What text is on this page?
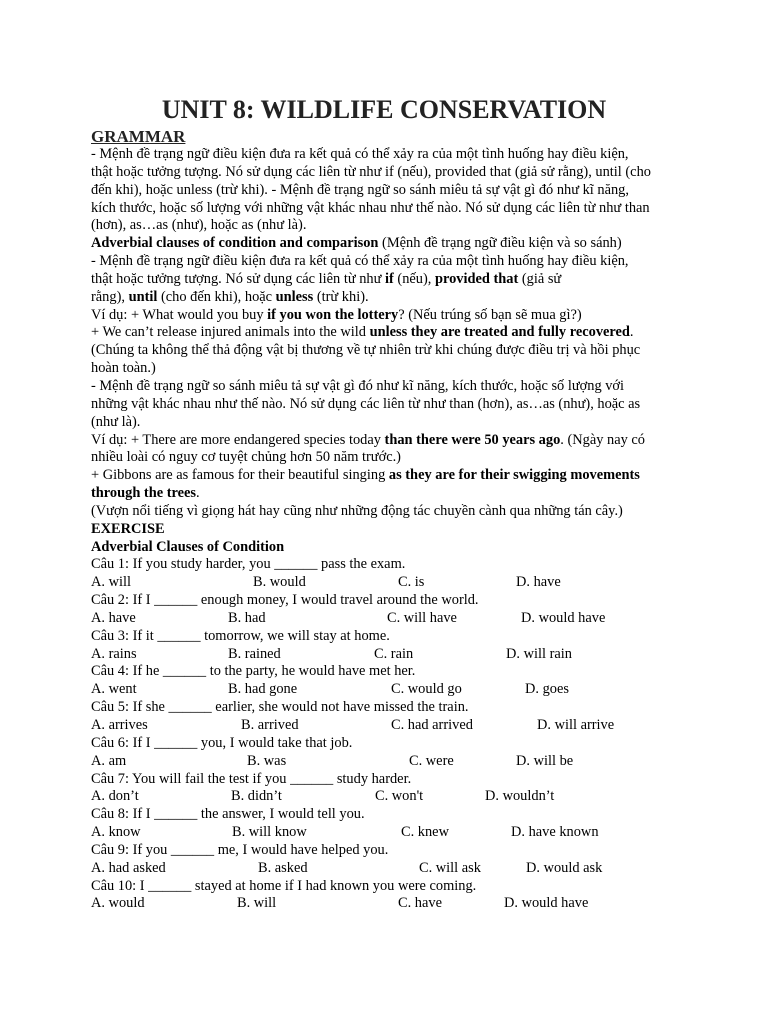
UNIT 8: WILDLIFE CONSERVATION
GRAMMAR
- Mệnh đề trạng ngữ điều kiện đưa ra kết quả có thể xảy ra của một tình huống hay điều kiện,
thật hoặc tưởng tượng. Nó sử dụng các liên từ như if (nếu), provided that (giả sử rằng), until (cho
đến khi), hoặc unless (trừ khi). - Mệnh đề trạng ngữ so sánh miêu tả sự vật gì đó như kĩ năng,
kích thước, hoặc số lượng với những vật khác nhau như thế nào. Nó sử dụng các liên từ như than
(hơn), as…as (như), hoặc as (như là).
Adverbial clauses of condition and comparison (Mệnh đề trạng ngữ điều kiện và so sánh)
- Mệnh đề trạng ngữ điều kiện đưa ra kết quả có thể xảy ra của một tình huống hay điều kiện,
thật hoặc tưởng tượng. Nó sử dụng các liên từ như if (nếu), provided that (giả sử
rằng), until (cho đến khi), hoặc unless (trừ khi).
Ví dụ: + What would you buy if you won the lottery? (Nếu trúng số bạn sẽ mua gì?)
+ We can’t release injured animals into the wild unless they are treated and fully recovered.
(Chúng ta không thể thả động vật bị thương về tự nhiên trừ khi chúng được điều trị và hồi phục
hoàn toàn.)
- Mệnh đề trạng ngữ so sánh miêu tả sự vật gì đó như kĩ năng, kích thước, hoặc số lượng với
những vật khác nhau như thế nào. Nó sử dụng các liên từ như than (hơn), as…as (như), hoặc as
(như là).
Ví dụ: + There are more endangered species today than there were 50 years ago. (Ngày nay có
nhiều loài có nguy cơ tuyệt chủng hơn 50 năm trước.)
+ Gibbons are as famous for their beautiful singing as they are for their swigging movements
through the trees.
(Vượn nổi tiếng vì giọng hát hay cũng như những động tác chuyền cành qua những tán cây.)
EXERCISE
Adverbial Clauses of Condition
Câu 1: If you study harder, you ______ pass the exam.
A. will	B. would	C. is	D. have
Câu 2: If I ______ enough money, I would travel around the world.
A. have	B. had	C. will have	D. would have
Câu 3: If it ______ tomorrow, we will stay at home.
A. rains	B. rained	C. rain	D. will rain
Câu 4: If he ______ to the party, he would have met her.
A. went	B. had gone	C. would go	D. goes
Câu 5: If she ______ earlier, she would not have missed the train.
A. arrives	B. arrived	C. had arrived	D. will arrive
Câu 6: If I ______ you, I would take that job.
A. am	B. was	C. were	D. will be
Câu 7: You will fail the test if you ______ study harder.
A. don’t	B. didn’t	C. won't	D. wouldn’t
Câu 8: If I ______ the answer, I would tell you.
A. know	B. will know	C. knew	D. have known
Câu 9: If you ______ me, I would have helped you.
A. had asked	B. asked	C. will ask	D. would ask
Câu 10: I ______ stayed at home if I had known you were coming.
A. would	B. will	C. have	D. would have
